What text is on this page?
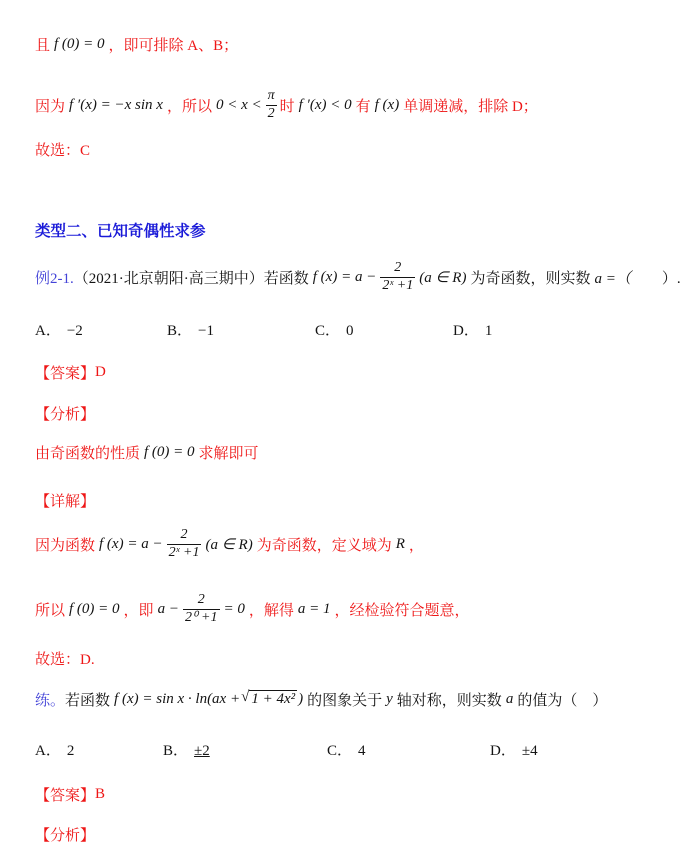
且 f (0) = 0 ，即可排除 A、B；
因为 f ′(x) = −x sin x ，所以 $0 < x < \frac{\pi}{2}$ 时 f ′(x) < 0 有 f (x) 单调递减，排除 D；
故选：C
类型二、已知奇偶性求参
例2-1. （2021·北京朝阳·高三期中）若函数 f $(x) = a - \frac{2}{\text{2ˣ +1}} (a$ ∈ R) 为奇函数，则实数 a =（
　　 ）.
A． −2	B． −1	C． 0	D． 1
【答案】 D
【分析】
由奇函数的性质 f (0) = 0 求解即可
【详解】
因为函数 f $(x) = a - \frac{2}{\text{2ˣ +1}} (a$ ∈ R) 为奇函数，定义域为 R ，
所以 f (0) = 0 ，即 $a - \frac{2}{\text{2⁰ +1}} = 0$ ，解得 a = 1 ，经检验符合题意，
故选：D.
练 。 若函数 f (x) = sin x · ln(ax + √ 1 + 4x² ) 的图象关于 y 轴对称，则实数 a 的值为（　）
A． 2	B． ±2	C． 4	D． ±4
【答案】 B
【分析】
